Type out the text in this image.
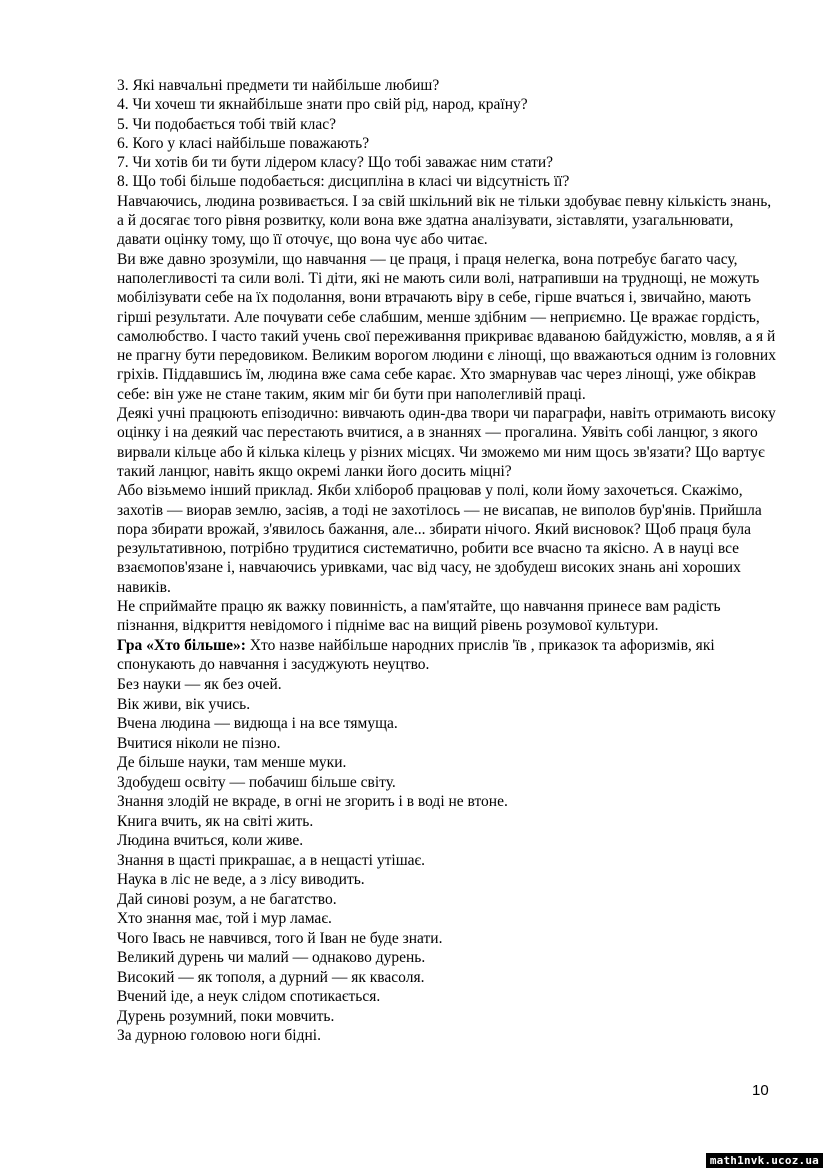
3. Які навчальні предмети ти найбільше любиш?
4. Чи хочеш ти якнайбільше знати про свій рід, народ, країну?
5. Чи подобається тобі твій клас?
6. Кого у класі найбільше поважають?
7. Чи хотів би ти бути лідером класу? Що тобі заважає ним стати?
8. Що тобі більше подобається: дисципліна в класі чи відсутність її?

Навчаючись, людина розвивається. І за свій шкільний вік не тільки здобуває певну кількість знань, а й досягає того рівня розвитку, коли вона вже здатна аналізувати, зіставляти, узагальнювати, давати оцінку тому, що її оточує, що вона чує або читає.

Ви вже давно зрозуміли, що навчання — це праця, і праця нелегка, вона потребує багато часу, наполегливості та сили волі. Ті діти, які не мають сили волі, натрапивши на труднощі, не можуть мобілізувати себе на їх подолання, вони втрачають віру в себе, гірше вчаться і, звичайно, мають гірші результати. Але почувати себе слабшим, менше здібним — неприємно. Це вражає гордість, самолюбство. І часто такий учень свої переживання прикриває вдаваною байдужістю, мовляв, а я й не прагну бути передовиком. Великим ворогом людини є лінощі, що вважаються одним із головних гріхів. Піддавшись їм, людина вже сама себе карає. Хто змарнував час через лінощі, уже обікрав себе: він уже не стане таким, яким міг би бути при наполегливій праці.

Деякі учні працюють епізодично: вивчають один-два твори чи параграфи, навіть отримають високу оцінку і на деякий час перестають вчитися, а в знаннях — прогалина. Уявіть собі ланцюг, з якого вирвали кільце або й кілька кілець у різних місцях. Чи зможемо ми ним щось зв'язати? Що вартує такий ланцюг, навіть якщо окремі ланки його досить міцні?

Або візьмемо інший приклад. Якби хлібороб працював у полі, коли йому захочеться. Скажімо, захотів — виорав землю, засіяв, а тоді не захотілось — не висапав, не виполов бур'янів. Прийшла пора збирати врожай, з'явилось бажання, але... збирати нічого. Який висновок? Щоб праця була результативною, потрібно трудитися систематично, робити все вчасно та якісно. А в науці все взаємопов'язане і, навчаючись уривками, час від часу, не здобудеш високих знань ані хороших навиків.

Не сприймайте працю як важку повинність, а пам'ятайте, що навчання принесе вам радість пізнання, відкриття невідомого і підніме вас на вищий рівень розумової культури.

Гра «Хто більше»: Хто назве найбільше народних прислів 'їв , приказок та афоризмів, які спонукають до навчання і засуджують неуцтво.

Без науки — як без очей.
Вік живи, вік учись.
Вчена людина — видюща і на все тямуща.
Вчитися ніколи не пізно.
Де більше науки, там менше муки.
Здобудеш освіту — побачиш більше світу.
Знання злодій не вкраде, в огні не згорить і в воді не втоне.
Книга вчить, як на світі жить.
Людина вчиться, коли живе.
Знання в щасті прикрашає, а в нещасті утішає.
Наука в ліс не веде, а з лісу виводить.
Дай синові розум, а не багатство.
Хто знання має, той і мур ламає.
Чого Івась не навчився, того й Іван не буде знати.
Великий дурень чи малий — однаково дурень.
Високий — як тополя, а дурний — як квасоля.
Вчений іде, а неук слідом спотикається.
Дурень розумний, поки мовчить.
За дурною головою ноги бідні.
10
math1nvk.ucoz.ua
